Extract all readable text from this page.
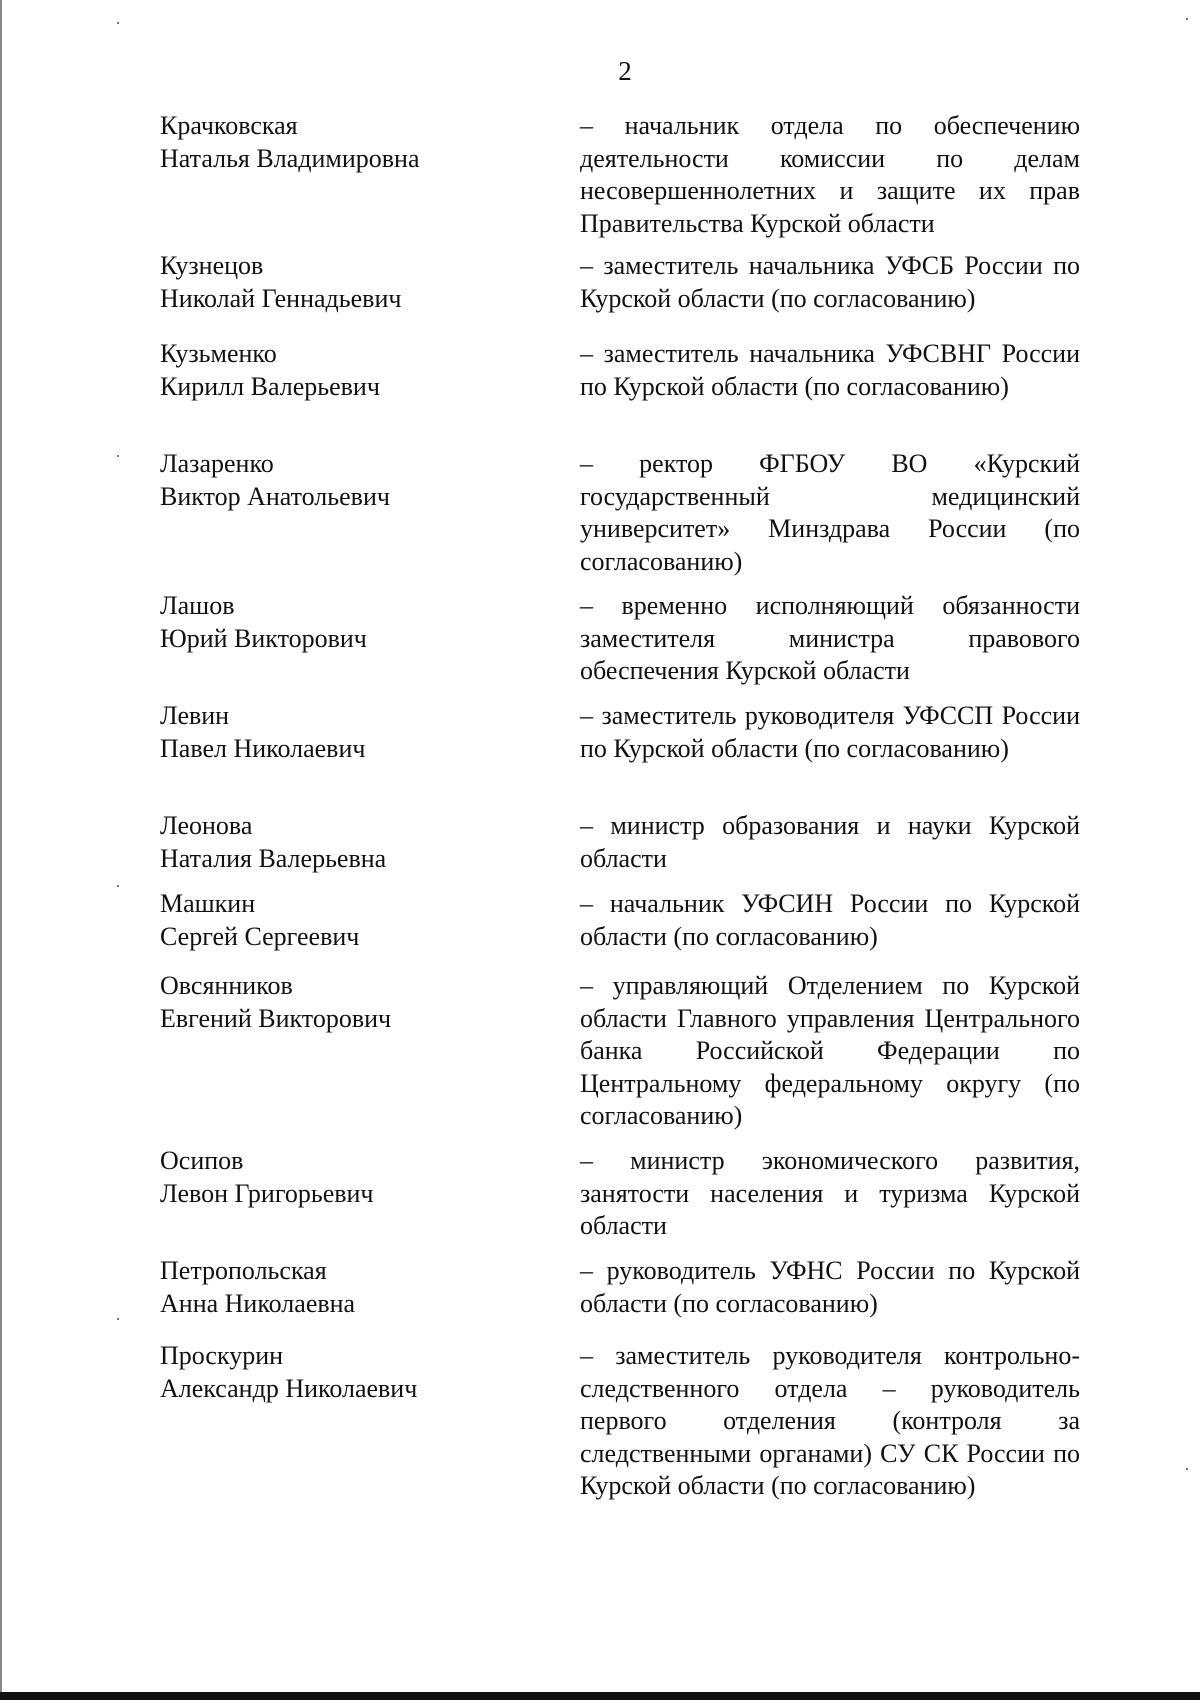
2
Крачковская
Наталья Владимировна
– начальник отдела по обеспечению деятельности комиссии по делам несовершеннолетних и защите их прав Правительства Курской области
Кузнецов
Николай Геннадьевич
– заместитель начальника УФСБ России по Курской области (по согласованию)
Кузьменко
Кирилл Валерьевич
– заместитель начальника УФСВНГ России по Курской области (по согласованию)
Лазаренко
Виктор Анатольевич
– ректор ФГБОУ ВО «Курский государственный медицинский университет» Минздрава России (по согласованию)
Лашов
Юрий Викторович
– временно исполняющий обязанности заместителя министра правового обеспечения Курской области
Левин
Павел Николаевич
– заместитель руководителя УФССП России по Курской области (по согласованию)
Леонова
Наталия Валерьевна
– министр образования и науки Курской области
Машкин
Сергей Сергеевич
– начальник УФСИН России по Курской области (по согласованию)
Овсянников
Евгений Викторович
– управляющий Отделением по Курской области Главного управления Центрального банка Российской Федерации по Центральному федеральному округу (по согласованию)
Осипов
Левон Григорьевич
– министр экономического развития, занятости населения и туризма Курской области
Петропольская
Анна Николаевна
– руководитель УФНС России по Курской области (по согласованию)
Проскурин
Александр Николаевич
– заместитель руководителя контрольно-следственного отдела – руководитель первого отделения (контроля за следственными органами) СУ СК России по Курской области (по согласованию)
